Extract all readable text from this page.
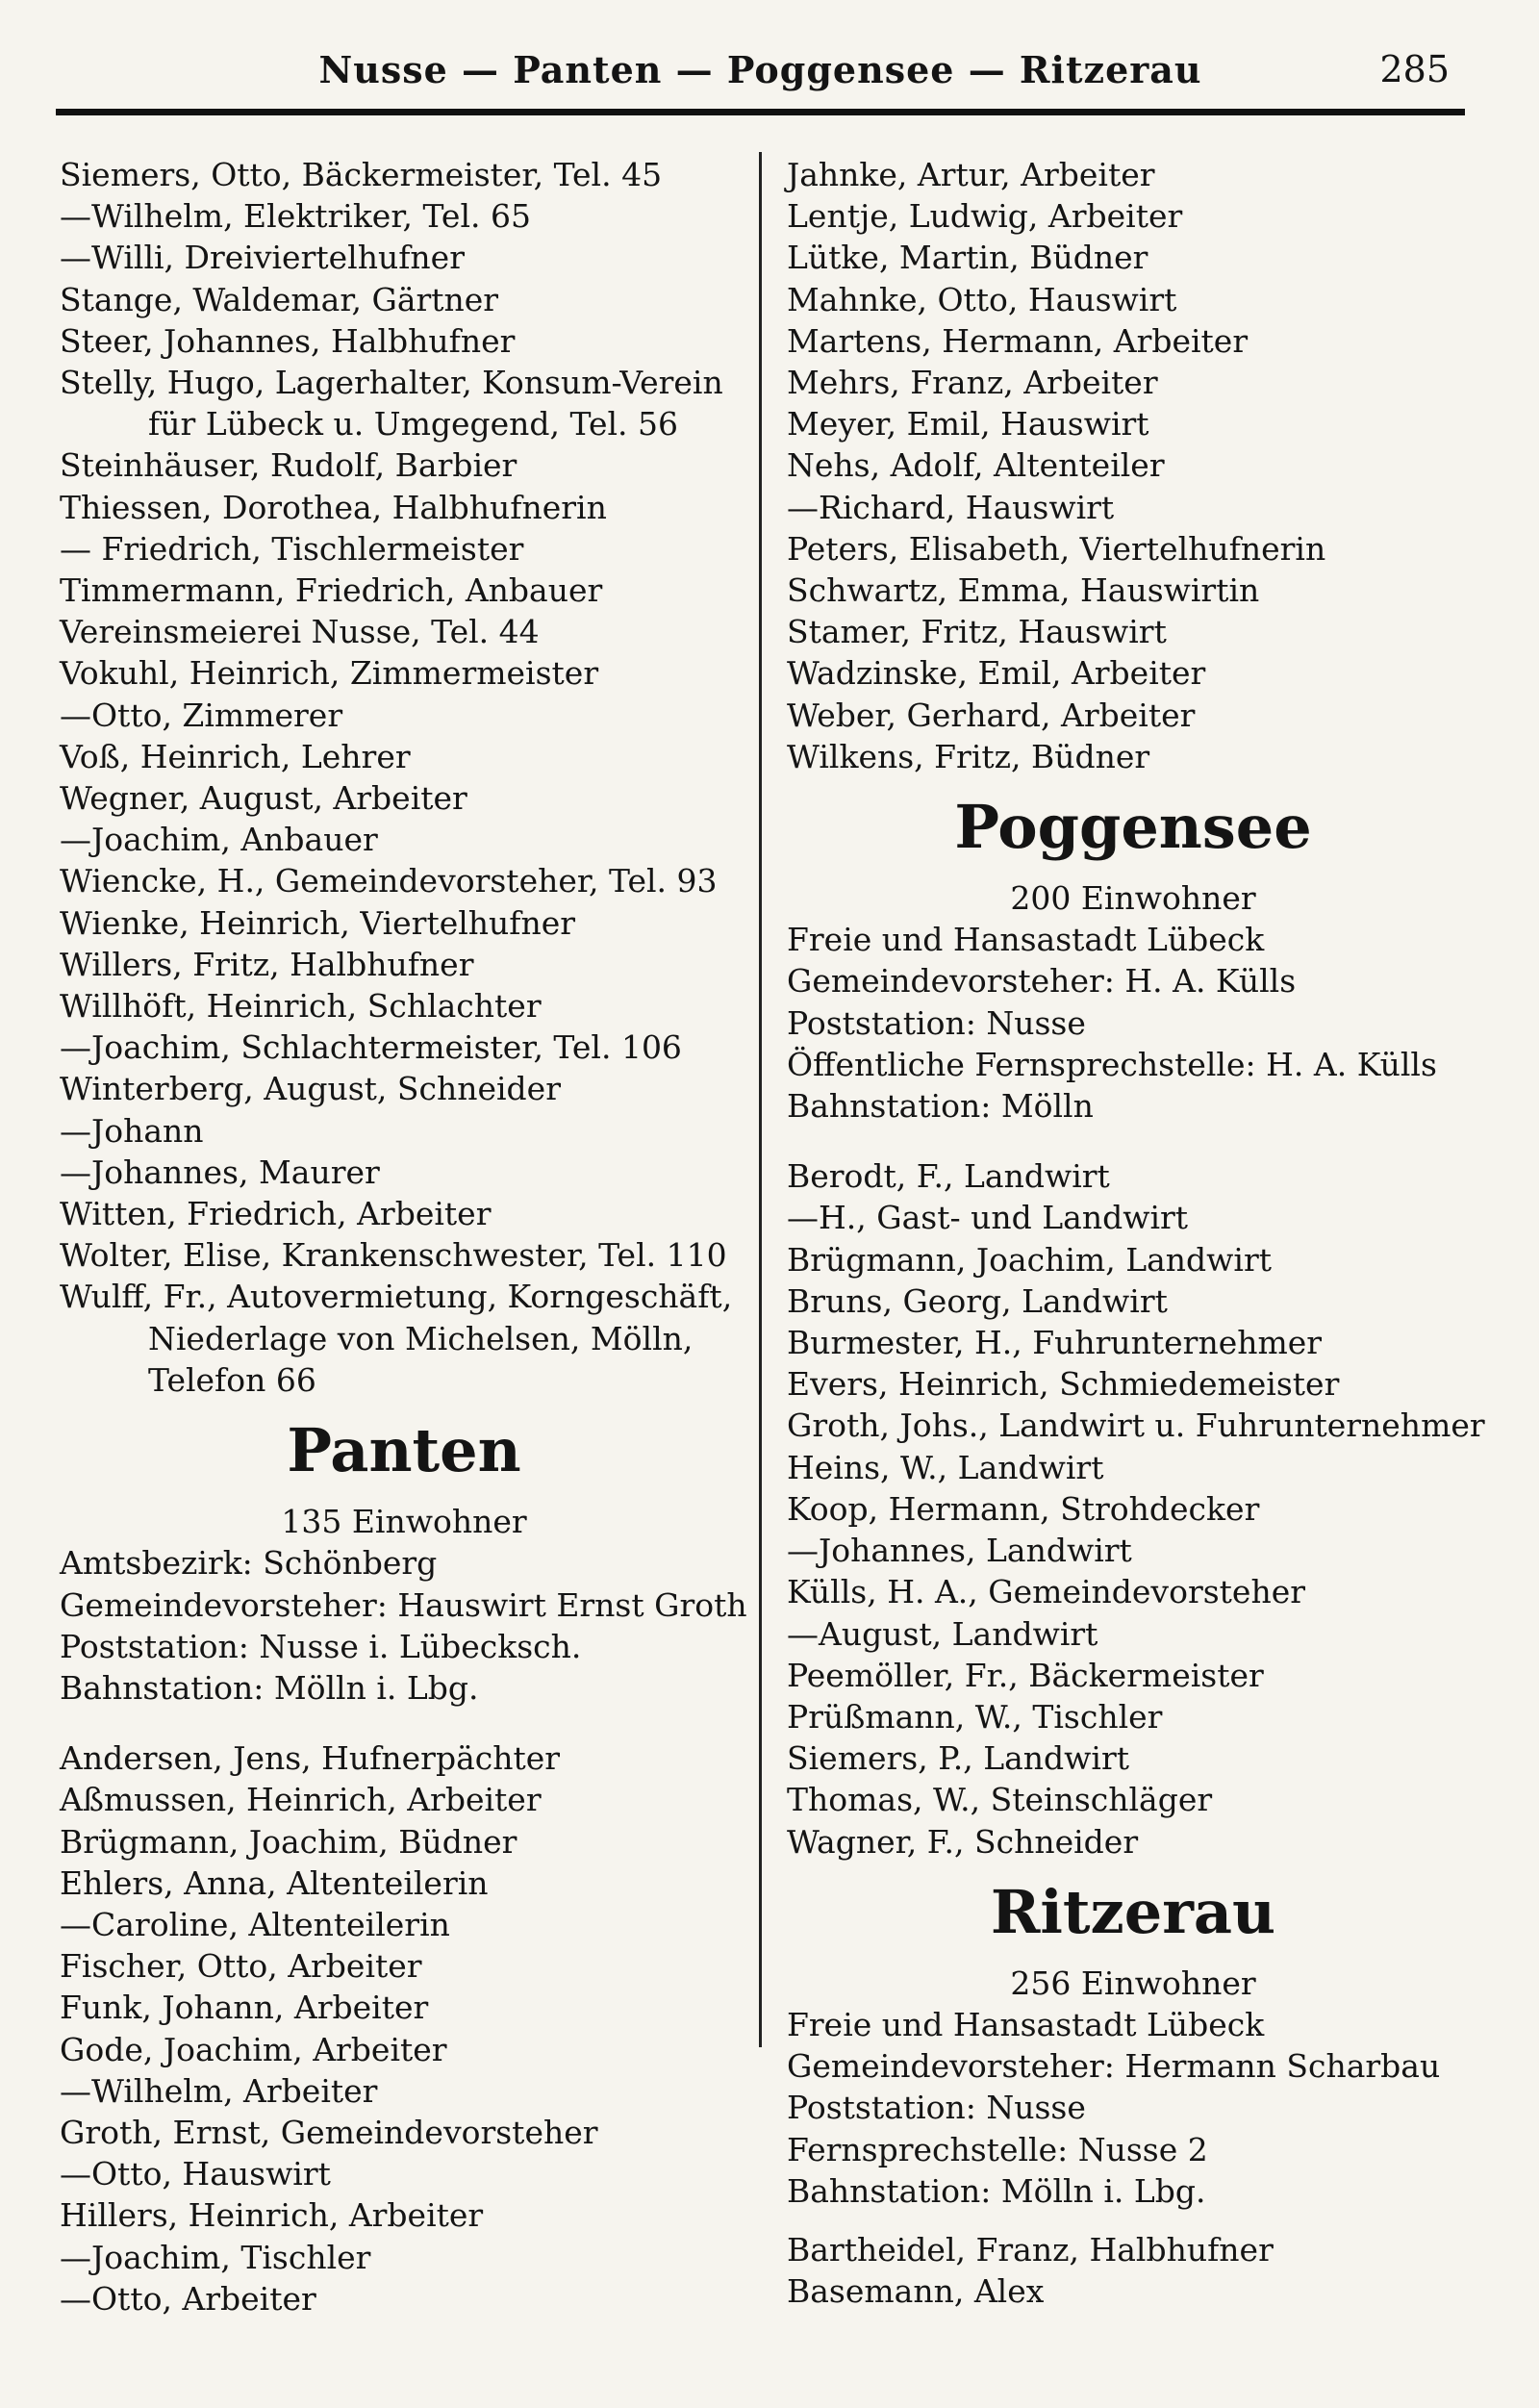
Nusse — Panten — Poggensee — Ritzerau	285
Siemers, Otto, Bäckermeister, Tel. 45
—Wilhelm, Elektriker, Tel. 65
—Willi, Dreiviertelhufner
Stange, Waldemar, Gärtner
Steer, Johannes, Halbhufner
Stelly, Hugo, Lagerhalter, Konsum-Verein
für Lübeck u. Umgegend, Tel. 56
Steinhäuser, Rudolf, Barbier
Thiessen, Dorothea, Halbhufnerin
— Friedrich, Tischlermeister
Timmermann, Friedrich, Anbauer
Vereinsmeierei Nusse, Tel. 44
Vokuhl, Heinrich, Zimmermeister
—Otto, Zimmerer
Voß, Heinrich, Lehrer
Wegner, August, Arbeiter
—Joachim, Anbauer
Wiencke, H., Gemeindevorsteher, Tel. 93
Wienke, Heinrich, Viertelhufner
Willers, Fritz, Halbhufner
Willhöft, Heinrich, Schlachter
—Joachim, Schlachtermeister, Tel. 106
Winterberg, August, Schneider
—Johann
—Johannes, Maurer
Witten, Friedrich, Arbeiter
Wolter, Elise, Krankenschwester, Tel. 110
Wulff, Fr., Autovermietung, Korngeschäft,
Niederlage von Michelsen, Mölln,
Telefon 66
Panten
135 Einwohner
Amtsbezirk: Schönberg
Gemeindevorsteher: Hauswirt Ernst Groth
Poststation: Nusse i. Lübecksch.
Bahnstation: Mölln i. Lbg.
Andersen, Jens, Hufnerpächter
Aßmussen, Heinrich, Arbeiter
Brügmann, Joachim, Büdner
Ehlers, Anna, Altenteilerin
—Caroline, Altenteilerin
Fischer, Otto, Arbeiter
Funk, Johann, Arbeiter
Gode, Joachim, Arbeiter
—Wilhelm, Arbeiter
Groth, Ernst, Gemeindevorsteher
—Otto, Hauswirt
Hillers, Heinrich, Arbeiter
—Joachim, Tischler
—Otto, Arbeiter
Jahnke, Artur, Arbeiter
Lentje, Ludwig, Arbeiter
Lütke, Martin, Büdner
Mahnke, Otto, Hauswirt
Martens, Hermann, Arbeiter
Mehrs, Franz, Arbeiter
Meyer, Emil, Hauswirt
Nehs, Adolf, Altenteiler
—Richard, Hauswirt
Peters, Elisabeth, Viertelhufnerin
Schwartz, Emma, Hauswirtin
Stamer, Fritz, Hauswirt
Wadzinske, Emil, Arbeiter
Weber, Gerhard, Arbeiter
Wilkens, Fritz, Büdner
Poggensee
200 Einwohner
Freie und Hansastadt Lübeck
Gemeindevorsteher: H. A. Külls
Poststation: Nusse
Öffentliche Fernsprechstelle: H. A. Külls
Bahnstation: Mölln
Berodt, F., Landwirt
—H., Gast- und Landwirt
Brügmann, Joachim, Landwirt
Bruns, Georg, Landwirt
Burmester, H., Fuhrunternehmer
Evers, Heinrich, Schmiedemeister
Groth, Johs., Landwirt u. Fuhrunternehmer
Heins, W., Landwirt
Koop, Hermann, Strohdecker
—Johannes, Landwirt
Külls, H. A., Gemeindevorsteher
—August, Landwirt
Peemöller, Fr., Bäckermeister
Prüßmann, W., Tischler
Siemers, P., Landwirt
Thomas, W., Steinschläger
Wagner, F., Schneider
Ritzerau
256 Einwohner
Freie und Hansastadt Lübeck
Gemeindevorsteher: Hermann Scharbau
Poststation: Nusse
Fernsprechstelle: Nusse 2
Bahnstation: Mölln i. Lbg.
Bartheidel, Franz, Halbhufner
Basemann, Alex
